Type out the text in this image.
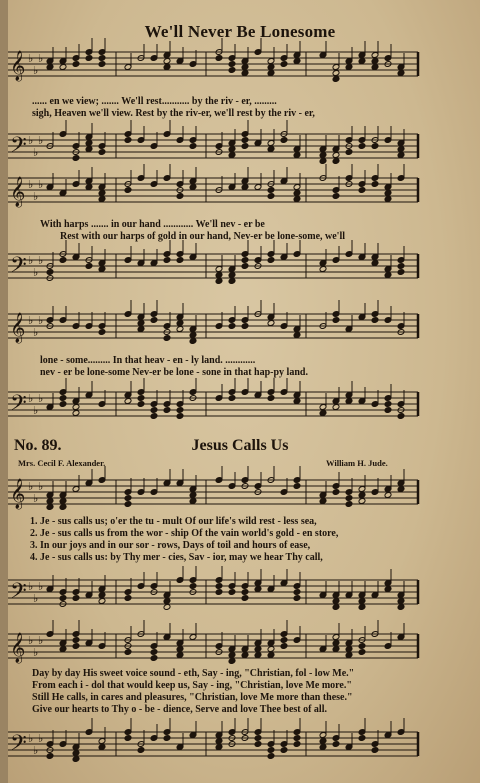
We'll Never Be Lonesome
𝄞 ♭
♭
♭
...... en we view; ....... We'll rest........... by the riv - er, .........
sigh, Heaven we'll view. Rest by the riv-er, we'll rest by the riv - er,
𝄢 ♭
♭
♭
𝄞 ♭
♭
♭
With harps ....... in our hand ............ We'll nev - er be
Rest with our harps of gold in our hand, Nev-er be lone-some, we'll
𝄢 ♭
♭
♭
𝄞 ♭
♭
♭
lone - some......... In that heav - en - ly land. ............
nev - er be lone-some Nev-er be lone - sone in that hap-py land.
𝄢 ♭
♭
♭
No. 89.	Jesus Calls Us
Mrs. Cecil F. Alexander.	William H. Jude.
𝄞 ♭
♭
♭
1. Je - sus calls us; o'er the tu - mult Of our life's wild rest - less sea,
2. Je - sus calls us from the wor - ship Of the vain world's gold - en store,
3. In our joys and in our sor - rows, Days of toil and hours of ease,
4. Je - sus calls us: by Thy mer - cies, Sav - ior, may we hear Thy call,
𝄢 ♭
♭
♭
𝄞 ♭
♭
♭
Day by day His sweet voice sound - eth, Say - ing, "Christian, fol - low Me."
From each i - dol that would keep us, Say - ing, "Christian, love Me more."
Still He calls, in cares and pleasures, "Christian, love Me more than these."
Give our hearts to Thy o - be - dience, Serve and love Thee best of all.
𝄢 ♭
♭
♭
